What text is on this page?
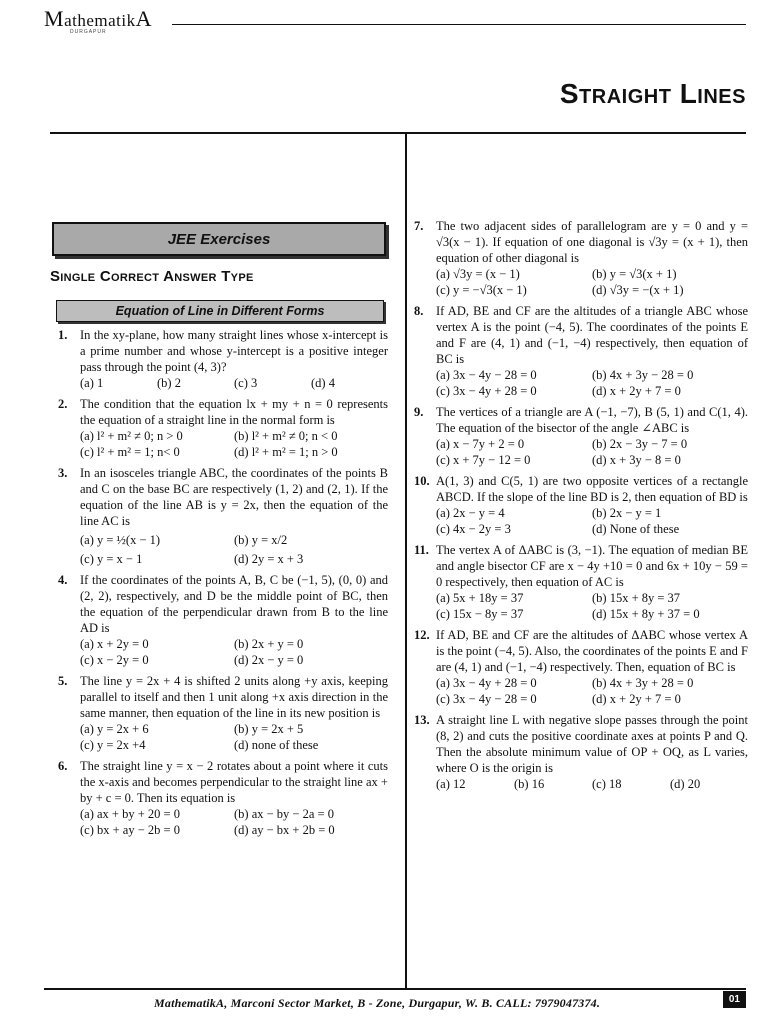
MathematikA
DURGAPUR
Straight Lines
JEE Exercises
Single Correct Answer Type
Equation of Line in Different Forms
1. In the xy-plane, how many straight lines whose x-intercept is a prime number and whose y-intercept is a positive integer pass through the point (4, 3)?
(a) 1	(b) 2	(c) 3	(d) 4
2. The condition that the equation lx + my + n = 0 represents the equation of a straight line in the normal form is
(a) l² + m² ≠ 0; n > 0	(b) l² + m² ≠ 0; n < 0
(c) l² + m² = 1; n< 0	(d) l² + m² = 1; n > 0
3. In an isosceles triangle ABC, the coordinates of the points B and C on the base BC are respectively (1, 2) and (2, 1). If the equation of the line AB is y = 2x, then the equation of the line AC is
(a) y = ½(x − 1)	(b) y = x/2
(c) y = x − 1	(d) 2y = x + 3
4. If the coordinates of the points A, B, C be (−1, 5), (0, 0) and (2, 2), respectively, and D be the middle point of BC, then the equation of the perpendicular drawn from B to the line AD is
(a) x + 2y = 0	(b) 2x + y = 0
(c) x − 2y = 0	(d) 2x − y = 0
5. The line y = 2x + 4 is shifted 2 units along +y axis, keeping parallel to itself and then 1 unit along +x axis direction in the same manner, then equation of the line in its new position is
(a) y = 2x + 6	(b) y = 2x + 5
(c) y = 2x +4	(d) none of these
6. The straight line y = x − 2 rotates about a point where it cuts the x-axis and becomes perpendicular to the straight line ax + by + c = 0. Then its equation is
(a) ax + by + 20 = 0	(b) ax − by − 2a = 0
(c) bx + ay − 2b = 0	(d) ay − bx + 2b = 0
7. The two adjacent sides of parallelogram are y = 0 and y = √3(x − 1). If equation of one diagonal is √3y = (x + 1), then equation of other diagonal is
(a) √3y = (x − 1)	(b) y = √3(x + 1)
(c) y = −√3(x − 1)	(d) √3y = −(x + 1)
8. If AD, BE and CF are the altitudes of a triangle ABC whose vertex A is the point (−4, 5). The coordinates of the points E and F are (4, 1) and (−1, −4) respectively, then equation of BC is
(a) 3x − 4y − 28 = 0	(b) 4x + 3y − 28 = 0
(c) 3x − 4y + 28 = 0	(d) x + 2y + 7 = 0
9. The vertices of a triangle are A (−1, −7), B (5, 1) and C(1, 4). The equation of the bisector of the angle ∠ABC is
(a) x − 7y + 2 = 0	(b) 2x − 3y − 7 = 0
(c) x + 7y − 12 = 0	(d) x + 3y − 8 = 0
10. A(1, 3) and C(5, 1) are two opposite vertices of a rectangle ABCD. If the slope of the line BD is 2, then equation of BD is
(a) 2x − y = 4	(b) 2x − y = 1
(c) 4x − 2y = 3	(d) None of these
11. The vertex A of ΔABC is (3, −1). The equation of median BE and angle bisector CF are x − 4y +10 = 0 and 6x + 10y − 59 = 0 respectively, then equation of AC is
(a) 5x + 18y = 37	(b) 15x + 8y = 37
(c) 15x − 8y = 37	(d) 15x + 8y + 37 = 0
12. If AD, BE and CF are the altitudes of ΔABC whose vertex A is the point (−4, 5). Also, the coordinates of the points E and F are (4, 1) and (−1, −4) respectively. Then, equation of BC is
(a) 3x − 4y + 28 = 0	(b) 4x + 3y + 28 = 0
(c) 3x − 4y − 28 = 0	(d) x + 2y + 7 = 0
13. A straight line L with negative slope passes through the point (8, 2) and cuts the positive coordinate axes at points P and Q. Then the absolute minimum value of OP + OQ, as L varies, where O is the origin is
(a) 12	(b) 16	(c) 18	(d) 20
MathematikA, Marconi Sector Market, B - Zone, Durgapur, W. B. CALL: 7979047374.	01
